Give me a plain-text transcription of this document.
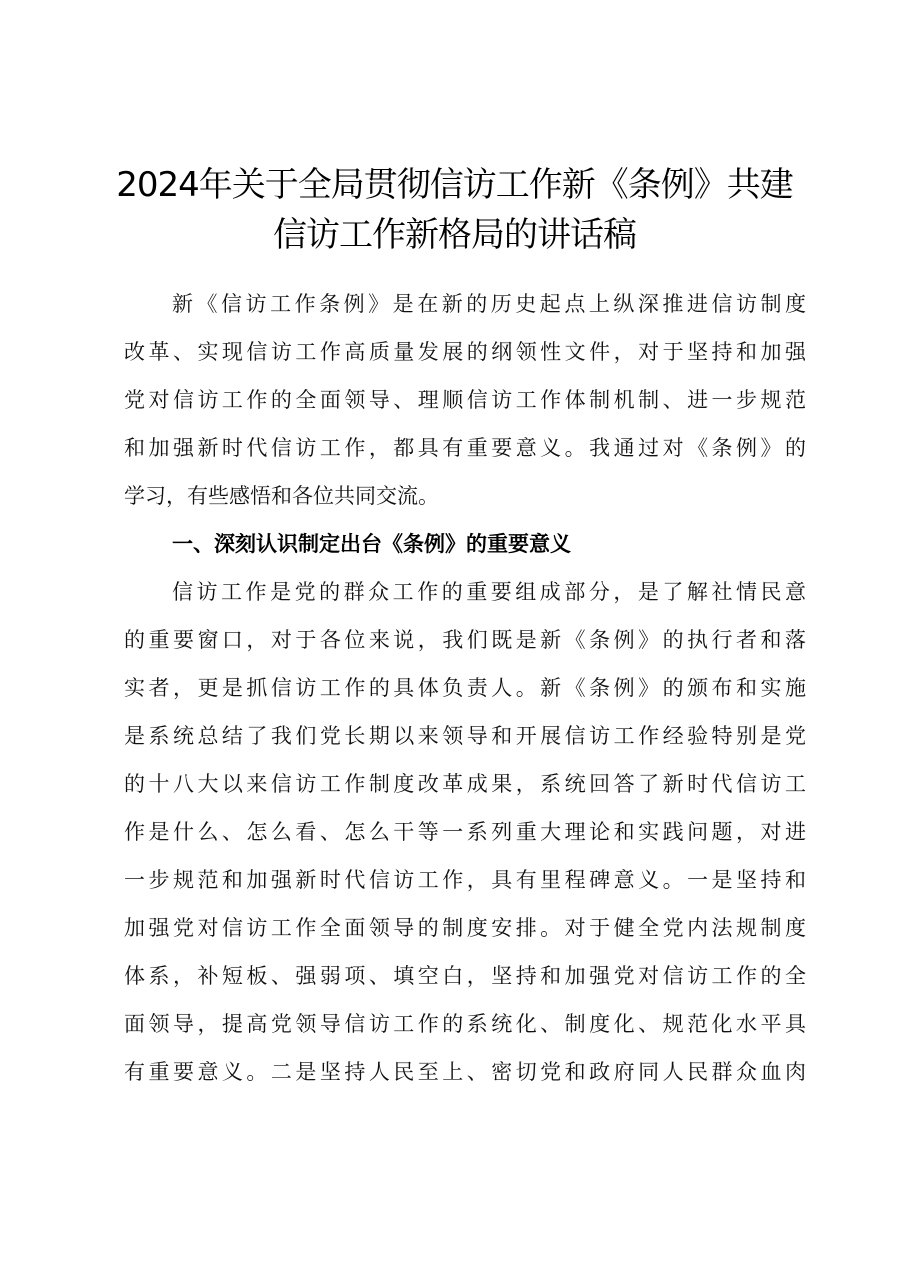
2024年关于全局贯彻信访工作新《条例》共建
信访工作新格局的讲话稿
新《信访工作条例》是在新的历史起点上纵深推进信访制度
改革、实现信访工作高质量发展的纲领性文件，对于坚持和加强
党对信访工作的全面领导、理顺信访工作体制机制、进一步规范
和加强新时代信访工作，都具有重要意义。我通过对《条例》的
学习，有些感悟和各位共同交流。
一、深刻认识制定出台《条例》的重要意义
信访工作是党的群众工作的重要组成部分，是了解社情民意
的重要窗口，对于各位来说，我们既是新《条例》的执行者和落
实者，更是抓信访工作的具体负责人。新《条例》的颁布和实施
是系统总结了我们党长期以来领导和开展信访工作经验特别是党
的十八大以来信访工作制度改革成果，系统回答了新时代信访工
作是什么、怎么看、怎么干等一系列重大理论和实践问题，对进
一步规范和加强新时代信访工作，具有里程碑意义。一是坚持和
加强党对信访工作全面领导的制度安排。对于健全党内法规制度
体系，补短板、强弱项、填空白，坚持和加强党对信访工作的全
面领导，提高党领导信访工作的系统化、制度化、规范化水平具
有重要意义。二是坚持人民至上、密切党和政府同人民群众血肉
